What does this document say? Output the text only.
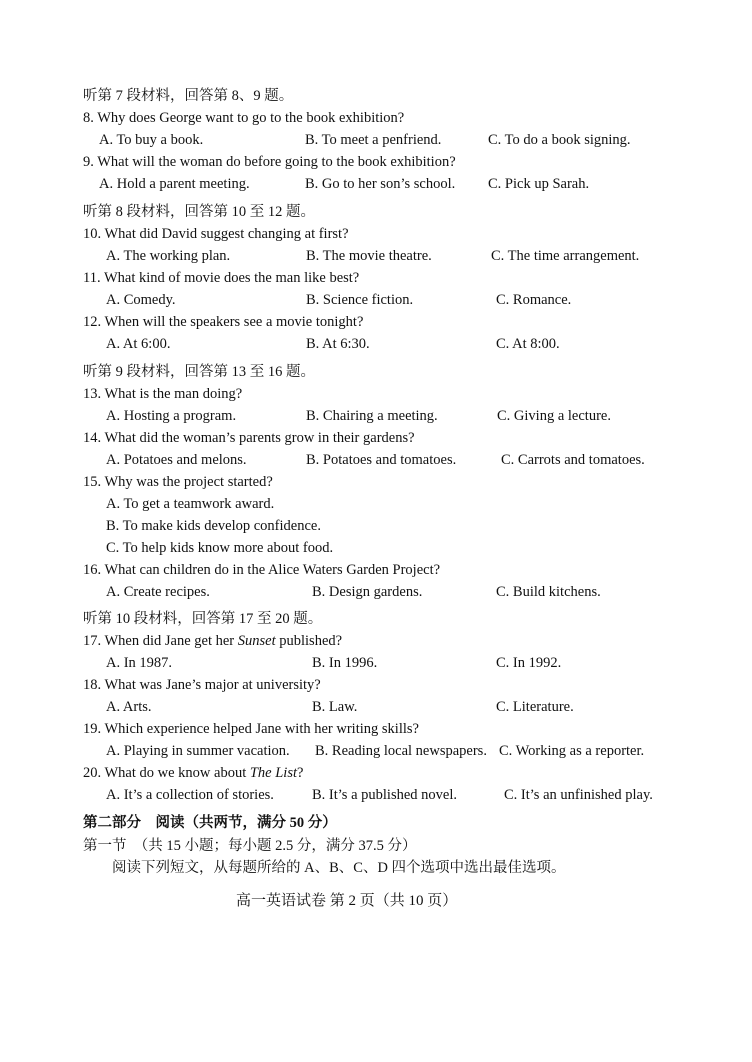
听第 7 段材料，回答第 8、9 题。
8. Why does George want to go to the book exhibition?
A. To buy a book.	B. To meet a penfriend.	C. To do a book signing.
9. What will the woman do before going to the book exhibition?
A. Hold a parent meeting.	B. Go to her son’s school. C. Pick up Sarah.
听第 8 段材料，回答第 10 至 12 题。
10. What did David suggest changing at first?
A. The working plan.	B. The movie theatre.	C. The time arrangement.
11. What kind of movie does the man like best?
A. Comedy.	B. Science fiction.	C. Romance.
12. When will the speakers see a movie tonight?
A. At 6:00.	B. At 6:30.	C. At 8:00.
听第 9 段材料，回答第 13 至 16 题。
13. What is the man doing?
A. Hosting a program.	B. Chairing a meeting.	C. Giving a lecture.
14. What did the woman’s parents grow in their gardens?
A. Potatoes and melons.	B. Potatoes and tomatoes.	C. Carrots and tomatoes.
15. Why was the project started?
A. To get a teamwork award.
B. To make kids develop confidence.
C. To help kids know more about food.
16. What can children do in the Alice Waters Garden Project?
A. Create recipes.	B. Design gardens.	C. Build kitchens.
听第 10 段材料，回答第 17 至 20 题。
17. When did Jane get her Sunset published?
A. In 1987.	B. In 1996.	C. In 1992.
18. What was Jane’s major at university?
A. Arts.	B. Law.	C. Literature.
19. Which experience helped Jane with her writing skills?
A. Playing in summer vacation. B. Reading local newspapers. C. Working as a reporter.
20. What do we know about The List?
A. It’s a collection of stories.	B. It’s a published novel.	C. It’s an unfinished play.
第二部分　阅读（共两节，满分 50 分）
第一节　（共 15 小题；每小题 2.5 分，满分 37.5 分）
阅读下列短文，从每题所给的 A、B、C、D 四个选项中选出最佳选项。
高一英语试卷 第 2 页（共 10 页）
